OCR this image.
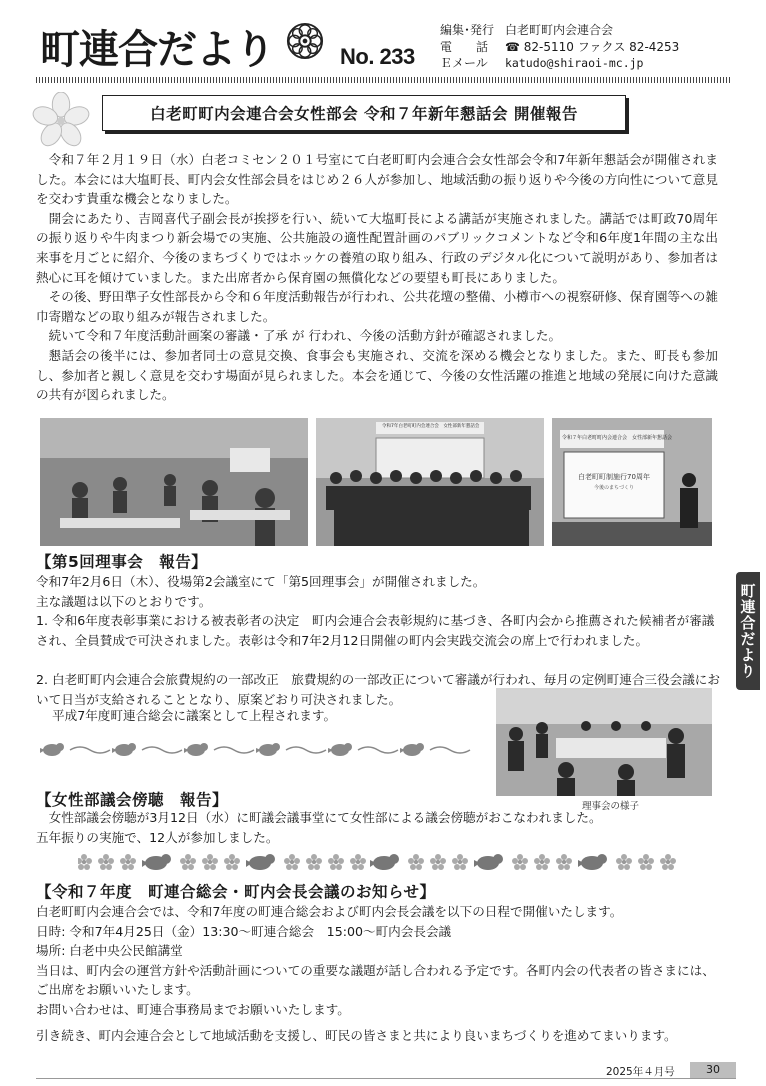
町連合だより	No. 233
編集･発行 白老町町内会連合会
電　　話	☎ 82-5110 ファクス 82-4253
Ｅメール	katudo@shiraoi-mc.jp
白老町町内会連合会女性部会 令和７年新年懇話会 開催報告

令和７年２月１９日（水）白老コミセン２０１号室にて白老町町内会連合会女性部会令和7年新年懇話会が開催されました。本会には大塩町長、町内会女性部会員をはじめ２６人が参加し、地域活動の振り返りや今後の方向性について意見を交わす貴重な機会となりました。

開会にあたり、吉岡喜代子副会長が挨拶を行い、続いて大塩町長による講話が実施されました。講話では町政70周年の振り返りや牛肉まつり新会場での実施、公共施設の適性配置計画のパブリックコメントなど令和6年度1年間の主な出来事を月ごとに紹介、今後のまちづくりではホッケの養殖の取り組み、行政のデジタル化について説明があり、参加者は熱心に耳を傾けていました。また出席者から保育園の無償化などの要望も町長にありました。

その後、野田準子女性部長から令和６年度活動報告が行われ、公共花壇の整備、小樽市への視察研修、保育園等への雑巾寄贈などの取り組みが報告されました。

続いて令和７年度活動計画案の審議・了承 が 行われ、今後の活動方針が確認されました。

懇話会の後半には、参加者同士の意見交換、食事会も実施され、交流を深める機会となりました。また、町長も参加し、参加者と親しく意見を交わす場面が見られました。本会を通じて、今後の女性活躍の推進と地域の発展に向けた意識の共有が図られました。

令和7年白老町町内会連合会　女性部新年懇話会
令和７年白老町町内会連合会　女性部新年懇話会
白老町町制施行70周年
今後のまちづくり
【第5回理事会　報告】
令和7年2月6日（木）、役場第2会議室にて「第5回理事会」が開催されました。
主な議題は以下のとおりです。
1. 令和6年度表彰事業における被表彰者の決定　町内会連合会表彰規約に基づき、各町内会から推薦された候補者が審議され、全員賛成で可決されました。表彰は令和7年2月12日開催の町内会実践交流会の席上で行われました。
2. 白老町町内会連合会旅費規約の一部改正　旅費規約の一部改正について審議が行われ、毎月の定例町連合三役会議において日当が支給されることとなり、原案どおり可決されました。
平成7年度町連合総会に議案として上程されます。
理事会の様子
【女性部議会傍聴　報告】
女性部議会傍聴が3月12日（水）に町議会議事堂にて女性部による議会傍聴がおこなわれました。
五年振りの実施で、12人が参加しました。
【令和７年度　町連合総会・町内会長会議のお知らせ】
白老町町内会連合会では、令和7年度の町連合総会および町内会長会議を以下の日程で開催いたします。
日時: 令和7年4月25日（金）13:30～町連合総会　15:00～町内会長会議
場所: 白老中央公民館講堂
当日は、町内会の運営方針や活動計画についての重要な議題が話し合われる予定です。各町内会の代表者の皆さまには、ご出席をお願いいたします。
お問い合わせは、町連合事務局までお願いいたします。
引き続き、町内会連合会として地域活動を支援し、町民の皆さまと共により良いまちづくりを進めてまいります。
町連合だより
2025年４月号	30
